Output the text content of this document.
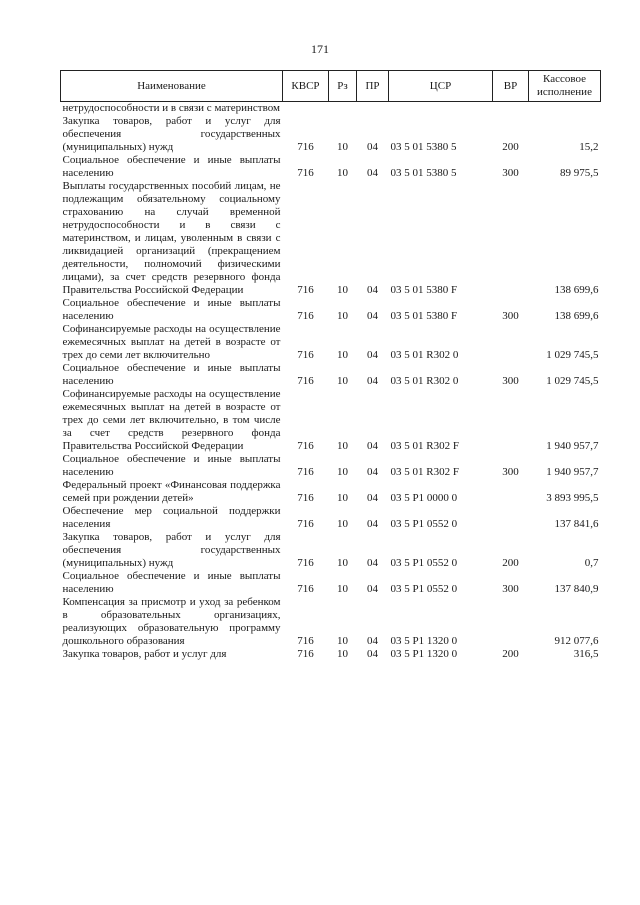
171
Наименование	КВСР	Рз	ПР	ЦСР	ВР	Кассовое исполнение
нетрудоспособности и в связи с материнством						
Закупка товаров, работ и услуг для обеспечения государственных (муниципальных) нужд	716	10	04	03 5 01 5380 5	200	15,2
Социальное обеспечение и иные выплаты населению	716	10	04	03 5 01 5380 5	300	89 975,5
Выплаты государственных пособий лицам, не подлежащим обязательному социальному страхованию на случай временной нетрудоспособности и в связи с материнством, и лицам, уволенным в связи с ликвидацией организаций (прекращением деятельности, полномочий физическими лицами), за счет средств резервного фонда Правительства Российской Федерации	716	10	04	03 5 01 5380 F		138 699,6
Социальное обеспечение и иные выплаты населению	716	10	04	03 5 01 5380 F	300	138 699,6
Софинансируемые расходы на осуществление ежемесячных выплат на детей в возрасте от трех до семи лет включительно	716	10	04	03 5 01 R302 0		1 029 745,5
Социальное обеспечение и иные выплаты населению	716	10	04	03 5 01 R302 0	300	1 029 745,5
Софинансируемые расходы на осуществление ежемесячных выплат на детей в возрасте от трех до семи лет включительно, в том числе за счет средств резервного фонда Правительства Российской Федерации	716	10	04	03 5 01 R302 F		1 940 957,7
Социальное обеспечение и иные выплаты населению	716	10	04	03 5 01 R302 F	300	1 940 957,7
Федеральный проект «Финансовая поддержка семей при рождении детей»	716	10	04	03 5 P1 0000 0		3 893 995,5
Обеспечение мер социальной поддержки населения	716	10	04	03 5 P1 0552 0		137 841,6
Закупка товаров, работ и услуг для обеспечения государственных (муниципальных) нужд	716	10	04	03 5 P1 0552 0	200	0,7
Социальное обеспечение и иные выплаты населению	716	10	04	03 5 P1 0552 0	300	137 840,9
Компенсация за присмотр и уход за ребенком в образовательных организациях, реализующих образовательную программу дошкольного образования	716	10	04	03 5 P1 1320 0		912 077,6
Закупка товаров, работ и услуг для	716	10	04	03 5 P1 1320 0	200	316,5
